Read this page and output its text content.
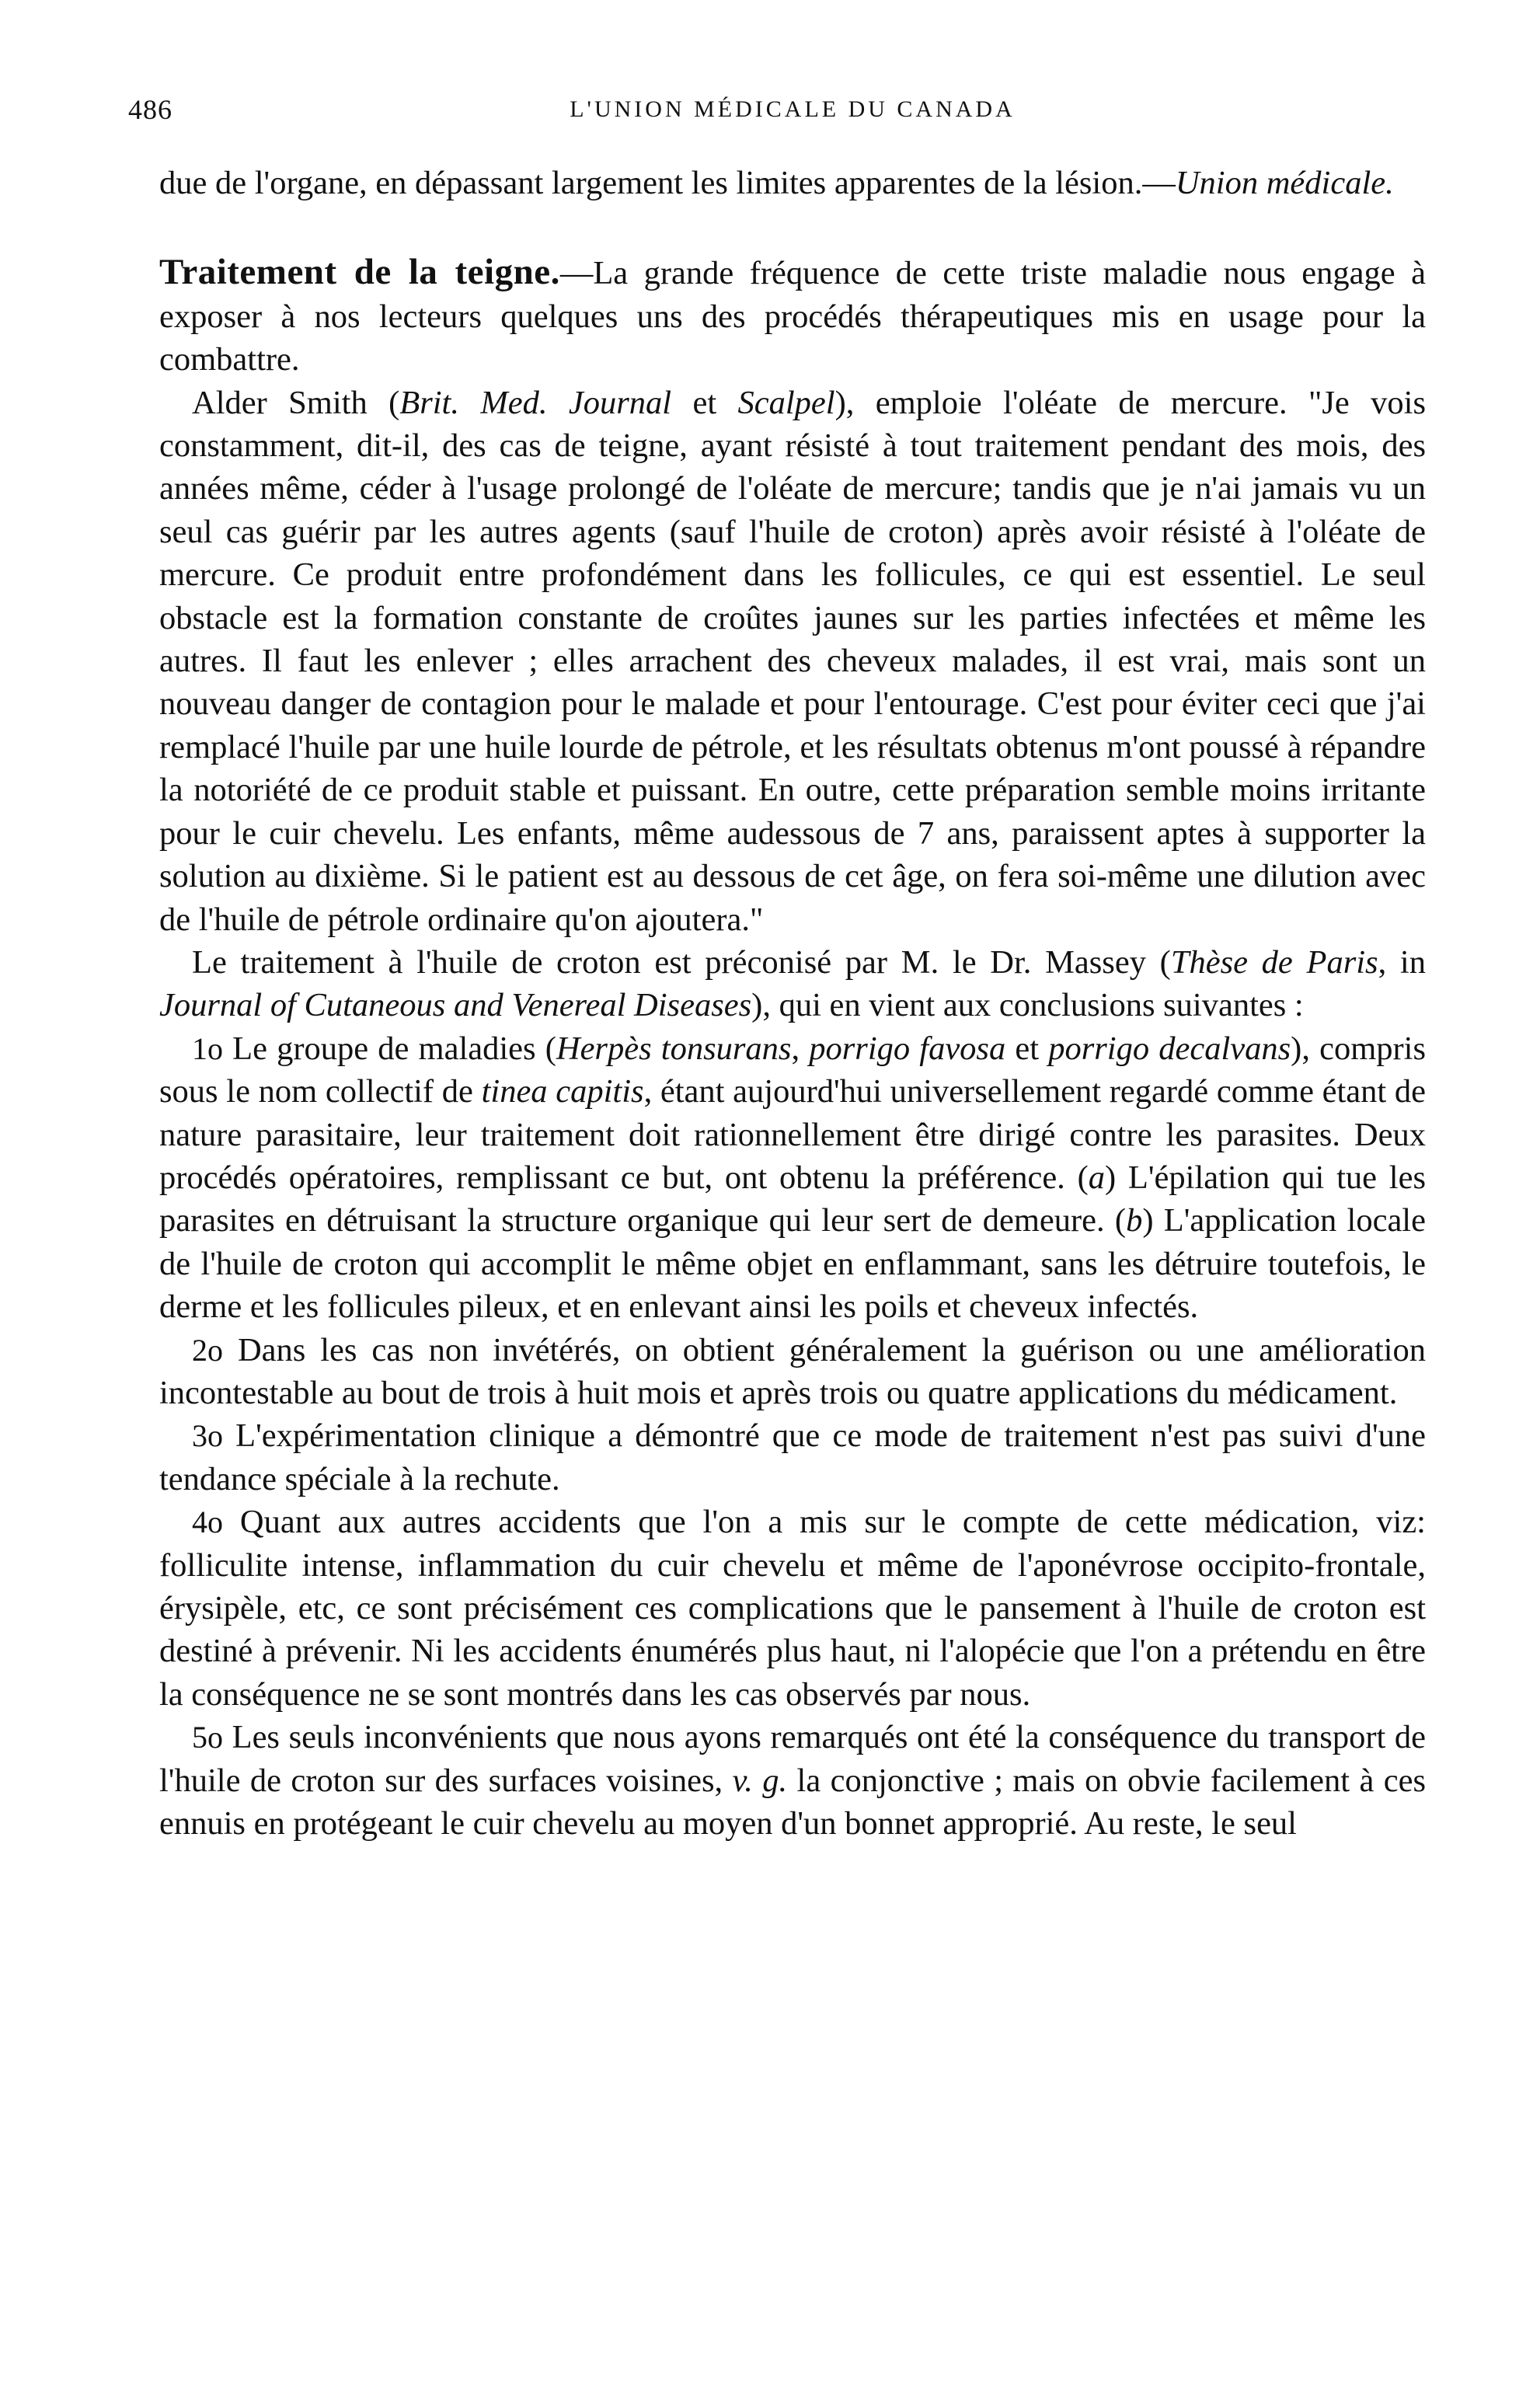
486	L'UNION MÉDICALE DU CANADA

due de l'organe, en dépassant largement les limites apparentes de la lésion.—Union médicale.

Traitement de la teigne.—La grande fréquence de cette triste maladie nous engage à exposer à nos lecteurs quelques uns des procédés thérapeutiques mis en usage pour la combattre.

Alder Smith (Brit. Med. Journal et Scalpel), emploie l'oléate de mercure. "Je vois constamment, dit-il, des cas de teigne, ayant résisté à tout traitement pendant des mois, des années même, céder à l'usage prolongé de l'oléate de mercure; tandis que je n'ai jamais vu un seul cas guérir par les autres agents (sauf l'huile de croton) après avoir résisté à l'oléate de mercure. Ce produit entre profondément dans les follicules, ce qui est essentiel. Le seul obstacle est la formation constante de croûtes jaunes sur les parties infectées et même les autres. Il faut les enlever ; elles arrachent des cheveux malades, il est vrai, mais sont un nouveau danger de contagion pour le malade et pour l'entourage. C'est pour éviter ceci que j'ai remplacé l'huile par une huile lourde de pétrole, et les résultats obtenus m'ont poussé à répandre la notoriété de ce produit stable et puissant. En outre, cette préparation semble moins irritante pour le cuir chevelu. Les enfants, même audessous de 7 ans, paraissent aptes à supporter la solution au dixième. Si le patient est au dessous de cet âge, on fera soi-même une dilution avec de l'huile de pétrole ordinaire qu'on ajoutera."

Le traitement à l'huile de croton est préconisé par M. le Dr. Massey (Thèse de Paris, in Journal of Cutaneous and Venereal Diseases), qui en vient aux conclusions suivantes :

1o Le groupe de maladies (Herpès tonsurans, porrigo favosa et porrigo decalvans), compris sous le nom collectif de tinea capitis, étant aujourd'hui universellement regardé comme étant de nature parasitaire, leur traitement doit rationnellement être dirigé contre les parasites. Deux procédés opératoires, remplissant ce but, ont obtenu la préférence. (a) L'épilation qui tue les parasites en détruisant la structure organique qui leur sert de demeure. (b) L'application locale de l'huile de croton qui accomplit le même objet en enflammant, sans les détruire toutefois, le derme et les follicules pileux, et en enlevant ainsi les poils et cheveux infectés.

2o Dans les cas non invétérés, on obtient généralement la guérison ou une amélioration incontestable au bout de trois à huit mois et après trois ou quatre applications du médicament.

3o L'expérimentation clinique a démontré que ce mode de traitement n'est pas suivi d'une tendance spéciale à la rechute.

4o Quant aux autres accidents que l'on a mis sur le compte de cette médication, viz: folliculite intense, inflammation du cuir chevelu et même de l'aponévrose occipito-frontale, érysipèle, etc, ce sont précisément ces complications que le pansement à l'huile de croton est destiné à prévenir. Ni les accidents énumérés plus haut, ni l'alopécie que l'on a prétendu en être la conséquence ne se sont montrés dans les cas observés par nous.

5o Les seuls inconvénients que nous ayons remarqués ont été la conséquence du transport de l'huile de croton sur des surfaces voisines, v. g. la conjonctive ; mais on obvie facilement à ces ennuis en protégeant le cuir chevelu au moyen d'un bonnet approprié. Au reste, le seul
